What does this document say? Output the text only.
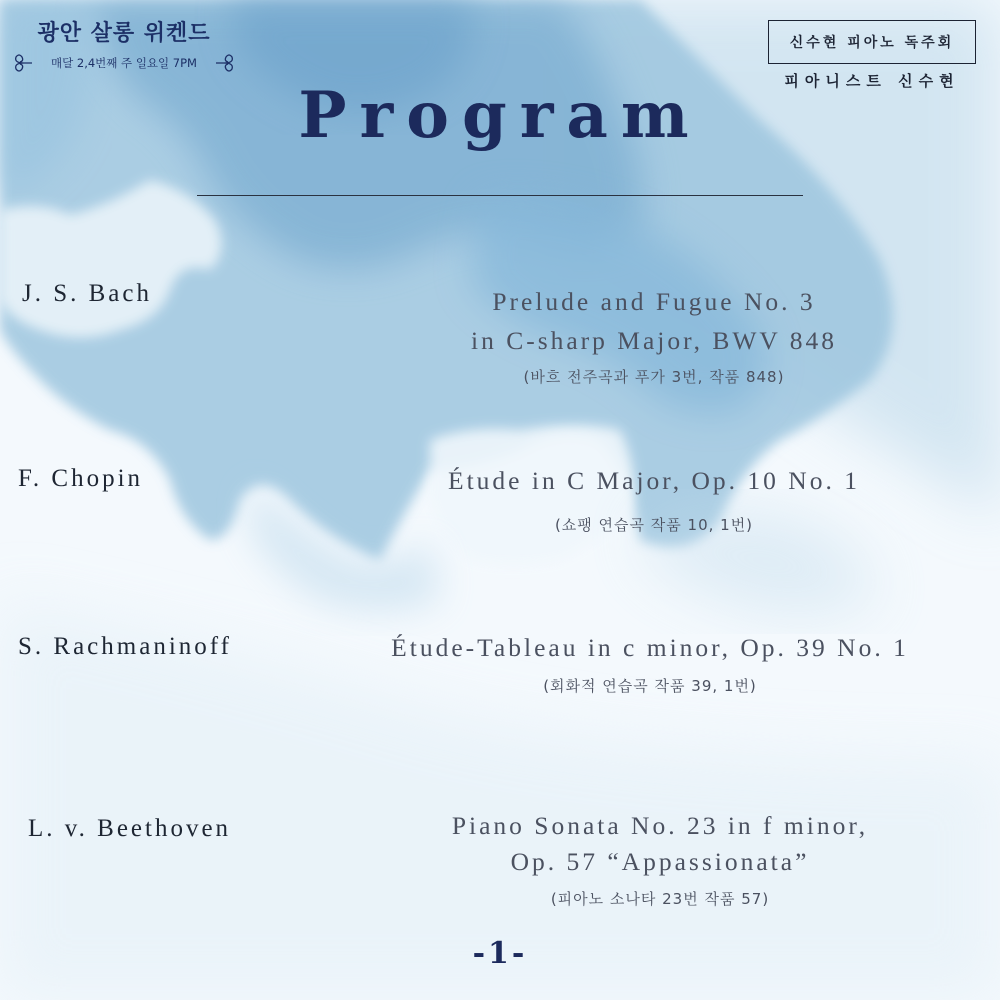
광안 살롱 위켄드
매달 2,4번째 주 일요일 7PM
신수현 피아노 독주회
피아니스트 신수현
Program
J. S. Bach	Prelude and Fugue No. 3
in C-sharp Major, BWV 848
(바흐 전주곡과 푸가 3번, 작품 848)
F. Chopin	Étude in C Major, Op. 10 No. 1
(쇼팽 연습곡 작품 10, 1번)
S. Rachmaninoff	Étude-Tableau in c minor, Op. 39 No. 1
(회화적 연습곡 작품 39, 1번)
L. v. Beethoven	Piano Sonata No. 23 in f minor,
Op. 57 “Appassionata”
(피아노 소나타 23번 작품 57)
-1-
